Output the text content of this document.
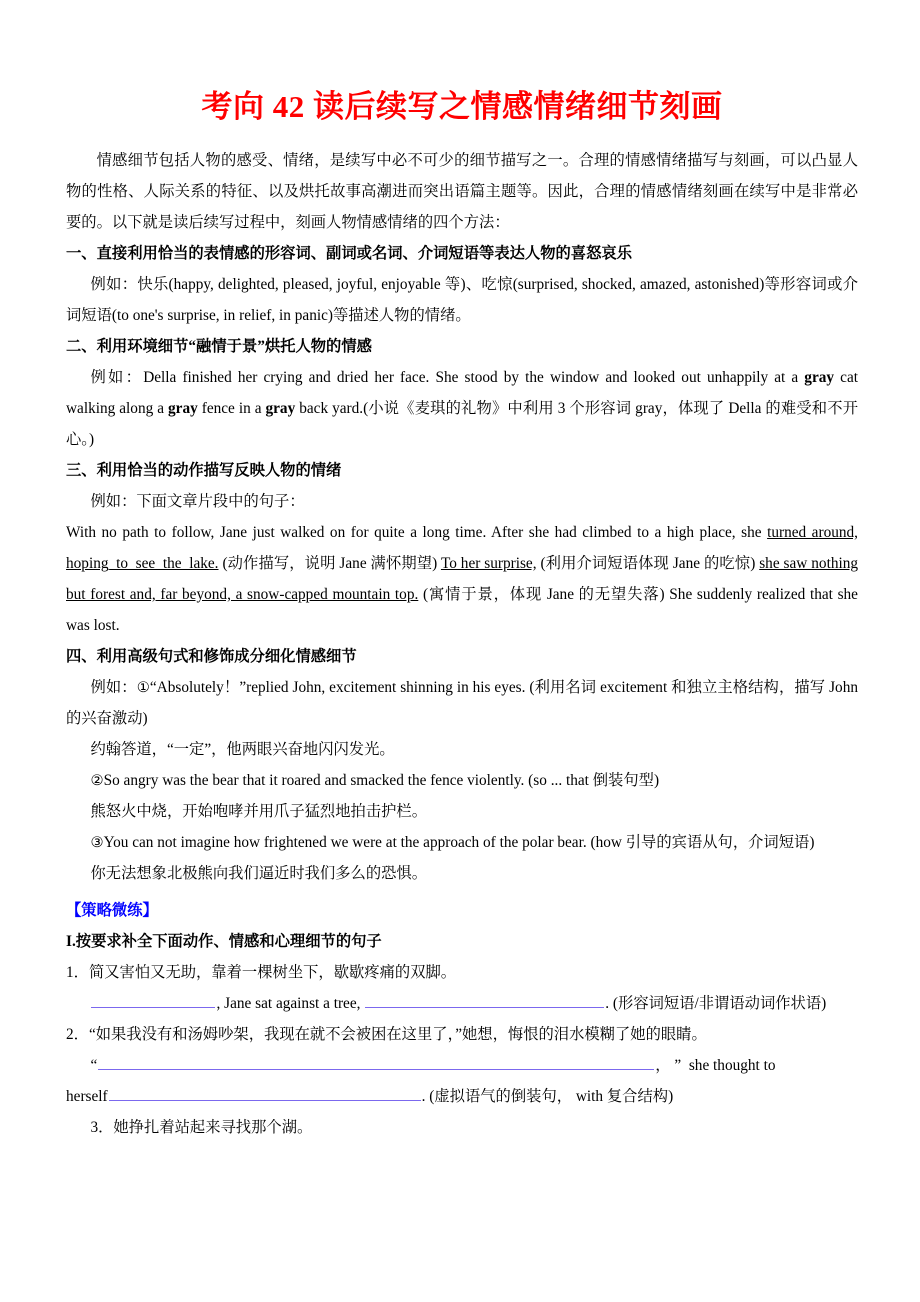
考向 42 读后续写之情感情绪细节刻画

情感细节包括人物的感受、情绪，是续写中必不可少的细节描写之一。合理的情感情绪描写与刻画，可以凸显人物的性格、人际关系的特征、以及烘托故事高潮进而突出语篇主题等。因此，合理的情感情绪刻画在续写中是非常必要的。以下就是读后续写过程中，刻画人物情感情绪的四个方法：

一、直接利用恰当的表情感的形容词、副词或名词、介词短语等表达人物的喜怒哀乐

例如：快乐(happy, delighted, pleased, joyful, enjoyable 等)、吃惊(surprised, shocked, amazed, astonished)等形容词或介词短语(to one's surprise, in relief, in panic)等描述人物的情绪。

二、利用环境细节“融情于景”烘托人物的情感

例如：Della finished her crying and dried her face. She stood by the window and looked out unhappily at a gray cat walking along a gray fence in a gray back yard.(小说《麦琪的礼物》中利用 3 个形容词 gray，体现了 Della 的难受和不开心。)

三、利用恰当的动作描写反映人物的情绪

例如：下面文章片段中的句子：

With no path to follow, Jane just walked on for quite a long time. After she had climbed to a high place, she turned around, hoping_to_see_the_lake. (动作描写，说明 Jane 满怀期望) To her surprise, (利用介词短语体现 Jane 的吃惊) she saw nothing but forest and, far beyond, a snow-capped mountain top. (寓情于景，体现 Jane 的无望失落) She suddenly realized that she was lost.

四、利用高级句式和修饰成分细化情感细节

例如：①“Absolutely！”replied John, excitement shinning in his eyes. (利用名词 excitement 和独立主格结构，描写 John 的兴奋激动)

约翰答道，“一定”，他两眼兴奋地闪闪发光。

②So angry was the bear that it roared and smacked the fence violently. (so ... that 倒装句型)

熊怒火中烧，开始咆哮并用爪子猛烈地拍击护栏。

③You can not imagine how frightened we were at the approach of the polar bear. (how 引导的宾语从句，介词短语)

你无法想象北极熊向我们逼近时我们多么的恐惧。

【策略微练】

I.按要求补全下面动作、情感和心理细节的句子

1．简又害怕又无助，靠着一棵树坐下，歇歇疼痛的双脚。

, Jane sat against a tree,	. (形容词短语/非谓语动词作状语)

2．“如果我没有和汤姆吵架，我现在就不会被困在这里了，”她想，悔恨的泪水模糊了她的眼睛。

“	， ” she thought to

herself	. (虚拟语气的倒装句， with 复合结构)

3．她挣扎着站起来寻找那个湖。
